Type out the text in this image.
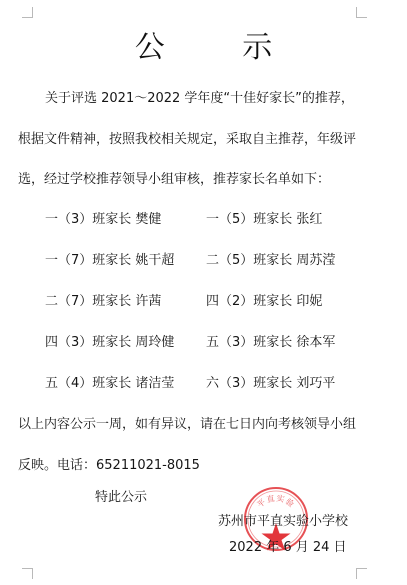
公 示
关于评选 2021～2022 学年度“十佳好家长”的推荐，
根据文件精神，按照我校相关规定，采取自主推荐，年级评
选，经过学校推荐领导小组审核，推荐家长名单如下：
一（3）班家长 樊健	一（5）班家长 张红
一（7）班家长 姚干超 二（5）班家长 周苏滢
二（7）班家长 许茜	四（2）班家长 印妮
四（3）班家长 周玲健 五（3）班家长 徐本军
五（4）班家长 诸洁莹 六（3）班家长 刘巧平
以上内容公示一周，如有异议，请在七日内向考核领导小组
反映。电话：65211021-8015
特此公示	平直实验
苏州市平直实验小学校
2022 年 6 月 24 日
